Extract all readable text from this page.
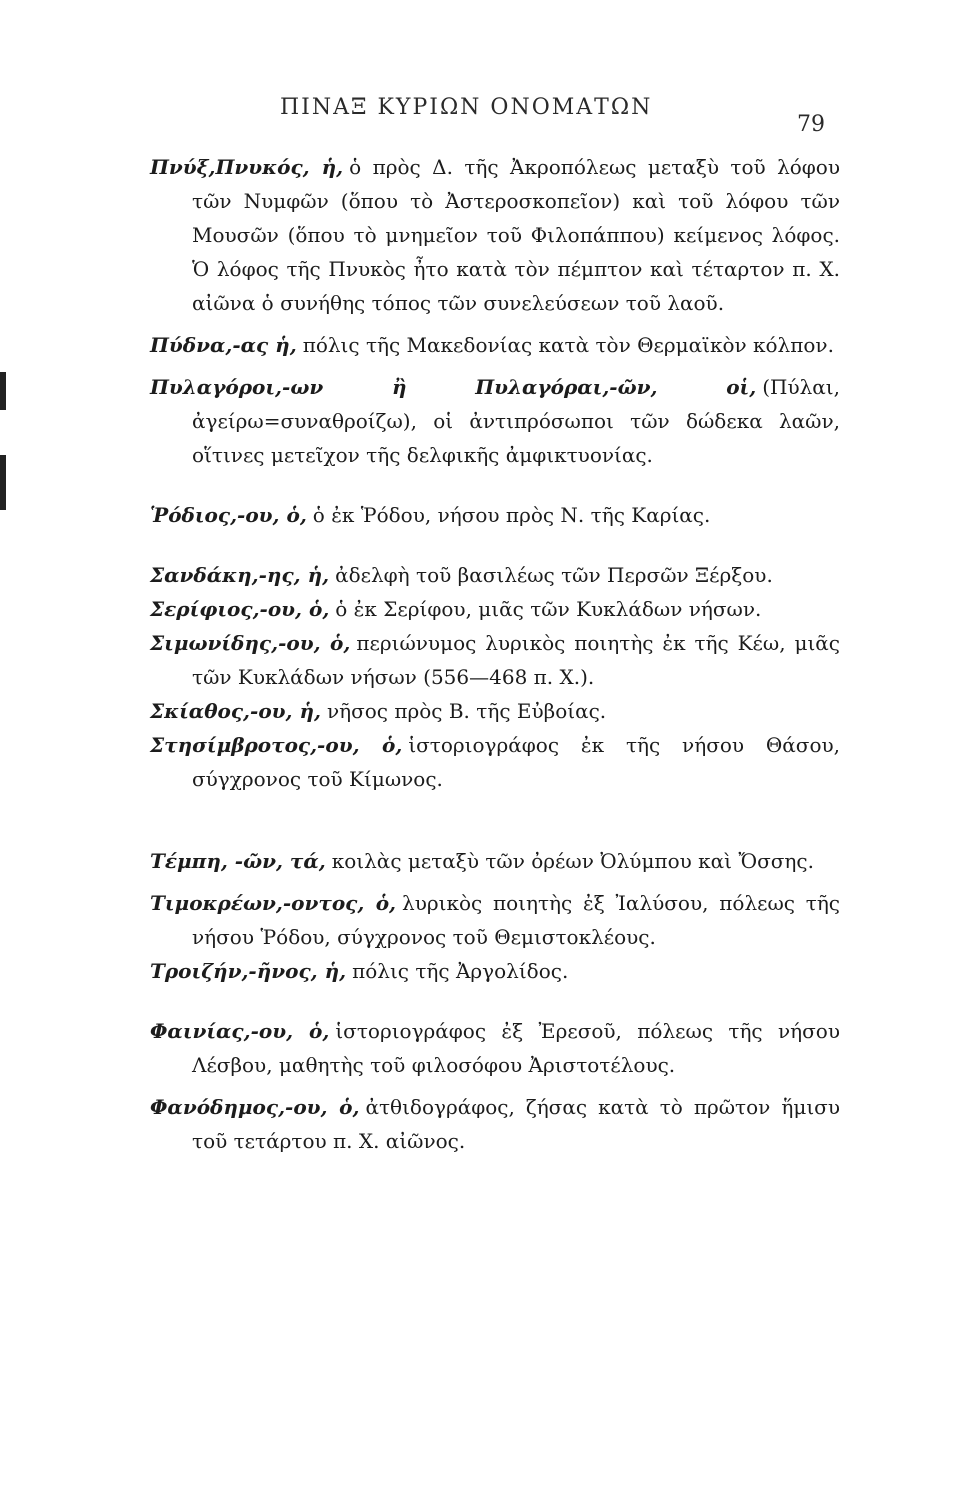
ΠΙΝΑΞ ΚΥΡΙΩΝ ΟΝΟΜΑΤΩΝ
79

Πνύξ,Πνυκός, ἡ, ὁ πρὸς Δ. τῆς Ἀκροπόλεως μεταξὺ τοῦ λόφου τῶν Νυμφῶν (ὅπου τὸ Ἀστεροσκοπεῖον) καὶ τοῦ λόφου τῶν Μουσῶν (ὅπου τὸ μνημεῖον τοῦ Φιλοπάππου) κείμενος λόφος. Ὁ λόφος τῆς Πνυκὸς ἦτο κατὰ τὸν πέμπτον καὶ τέταρτον π. Χ. αἰῶνα ὁ συνήθης τόπος τῶν συνελεύσεων τοῦ λαοῦ.

Πύδνα,-ας ἡ, πόλις τῆς Μακεδονίας κατὰ τὸν Θερμαϊκὸν κόλπον.

Πυλαγόροι,-ων ἢ Πυλαγόραι,-ῶν, οἱ, (Πύλαι, ἀγείρω=συναθροίζω), οἱ ἀντιπρόσωποι τῶν δώδεκα λαῶν, οἵτινες μετεῖχον τῆς δελφικῆς ἀμφικτυονίας.

Ῥόδιος,-ου, ὁ, ὁ ἐκ Ῥόδου, νήσου πρὸς Ν. τῆς Καρίας.

Σανδάκη,-ης, ἡ, ἀδελφὴ τοῦ βασιλέως τῶν Περσῶν Ξέρξου.

Σερίφιος,-ου, ὁ, ὁ ἐκ Σερίφου, μιᾶς τῶν Κυκλάδων νήσων.

Σιμωνίδης,-ου, ὁ, περιώνυμος λυρικὸς ποιητὴς ἐκ τῆς Κέω, μιᾶς τῶν Κυκλάδων νήσων (556—468 π. Χ.).

Σκίαθος,-ου, ἡ, νῆσος πρὸς Β. τῆς Εὐβοίας.

Στησίμβροτος,-ου, ὁ, ἱστοριογράφος ἐκ τῆς νήσου Θάσου, σύγχρονος τοῦ Κίμωνος.

Τέμπη, -ῶν, τά, κοιλὰς μεταξὺ τῶν ὀρέων Ὀλύμπου καὶ Ὄσσης.

Τιμοκρέων,-οντος, ὁ, λυρικὸς ποιητὴς ἐξ Ἰαλύσου, πόλεως τῆς νήσου Ῥόδου, σύγχρονος τοῦ Θεμιστοκλέους.

Τροιζήν,-ῆνος, ἡ, πόλις τῆς Ἀργολίδος.

Φαινίας,-ου, ὁ, ἱστοριογράφος ἐξ Ἐρεσοῦ, πόλεως τῆς νήσου Λέσβου, μαθητὴς τοῦ φιλοσόφου Ἀριστοτέλους.

Φανόδημος,-ου, ὁ, ἀτθιδογράφος, ζήσας κατὰ τὸ πρῶτον ἥμισυ τοῦ τετάρτου π. Χ. αἰῶνος.
